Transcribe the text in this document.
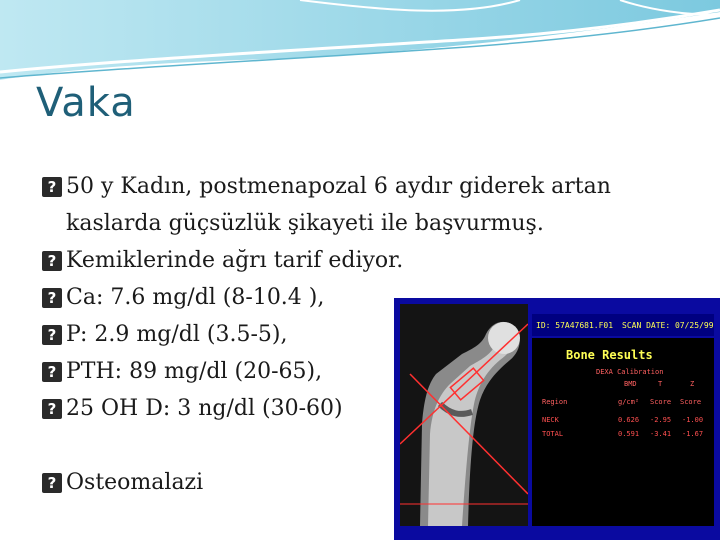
Vaka
?
50 y Kadın, postmenapozal 6 aydır giderek artan kaslarda güçsüzlük şikayeti ile başvurmuş.
?
Kemiklerinde ağrı tarif ediyor.
?
Ca: 7.6 mg/dl (8-10.4 ),
?
P: 2.9 mg/dl (3.5-5),
?
PTH: 89 mg/dl (20-65),
?
25 OH D: 3 ng/dl (30-60)
?
Osteomalazi
ID: 57A47681.F01 SCAN DATE: 07/25/99
Bone Results
DEXA Calibration
BMD	T	Z
Region	g/cm² Score Score
NECK	0.626 -2.95 -1.00
TOTAL	0.591 -3.41 -1.67
